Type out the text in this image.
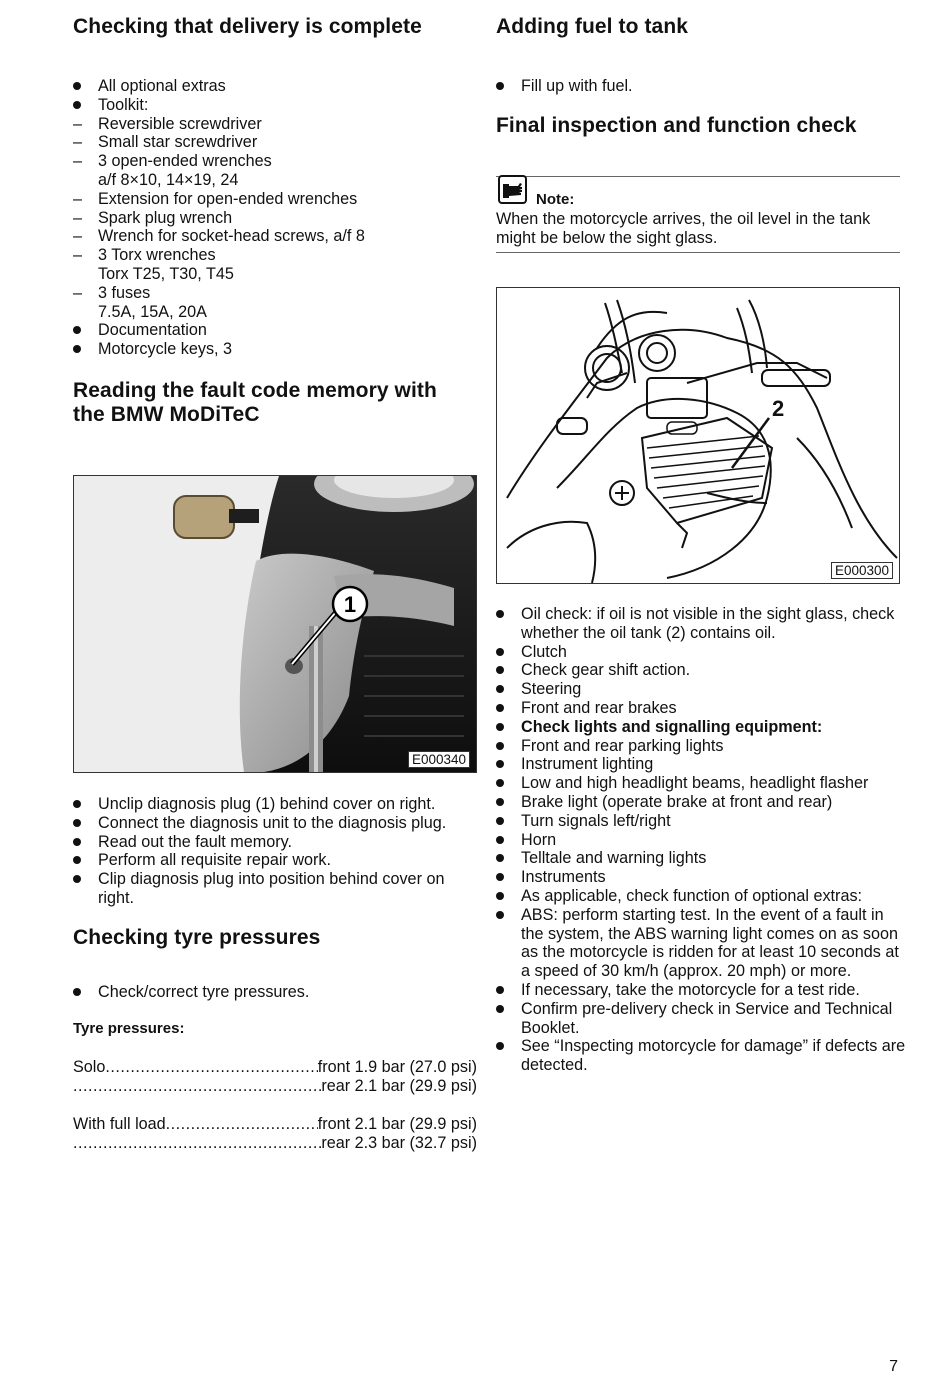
Checking that delivery is complete
All optional extras
Toolkit:
– Reversible screwdriver
– Small star screwdriver
– 3 open-ended wrenches
a/f 8×10, 14×19, 24
– Extension for open-ended wrenches
– Spark plug wrench
– Wrench for socket-head screws, a/f 8
– 3 Torx wrenches
Torx T25, T30, T45
– 3 fuses
7.5A, 15A, 20A
Documentation
Motorcycle keys, 3
Reading the fault code memory with
the BMW MoDiTeC
1
E000340
Unclip diagnosis plug (1) behind cover on right.
Connect the diagnosis unit to the diagnosis plug.
Read out the fault memory.
Perform all requisite repair work.
Clip diagnosis plug into position behind cover on right.
Checking tyre pressures
Check/correct tyre pressures.
Tyre pressures:
Solo .....	front 1.9 bar (27.0 psi)
.....
rear 2.1 bar (29.9 psi)
With full load .....	front 2.1 bar (29.9 psi)
.....
rear 2.3 bar (32.7 psi)
Adding fuel to tank
Fill up with fuel.
Final inspection and function check
Note:
When the motorcycle arrives, the oil level in the tank might be below the sight glass.
2
E000300
Oil check: if oil is not visible in the sight glass, check whether the oil tank (2) contains oil.
Clutch
Check gear shift action.
Steering
Front and rear brakes
Check lights and signalling equipment:
Front and rear parking lights
Instrument lighting
Low and high headlight beams, headlight flasher
Brake light (operate brake at front and rear)
Turn signals left/right
Horn
Telltale and warning lights
Instruments
As applicable, check function of optional extras:
ABS: perform starting test. In the event of a fault in the system, the ABS warning light comes on as soon as the motorcycle is ridden for at least 10 seconds at a speed of 30 km/h (approx. 20 mph) or more.
If necessary, take the motorcycle for a test ride.
Confirm pre-delivery check in Service and Technical Booklet.
See “Inspecting motorcycle for damage” if defects are detected.
7
